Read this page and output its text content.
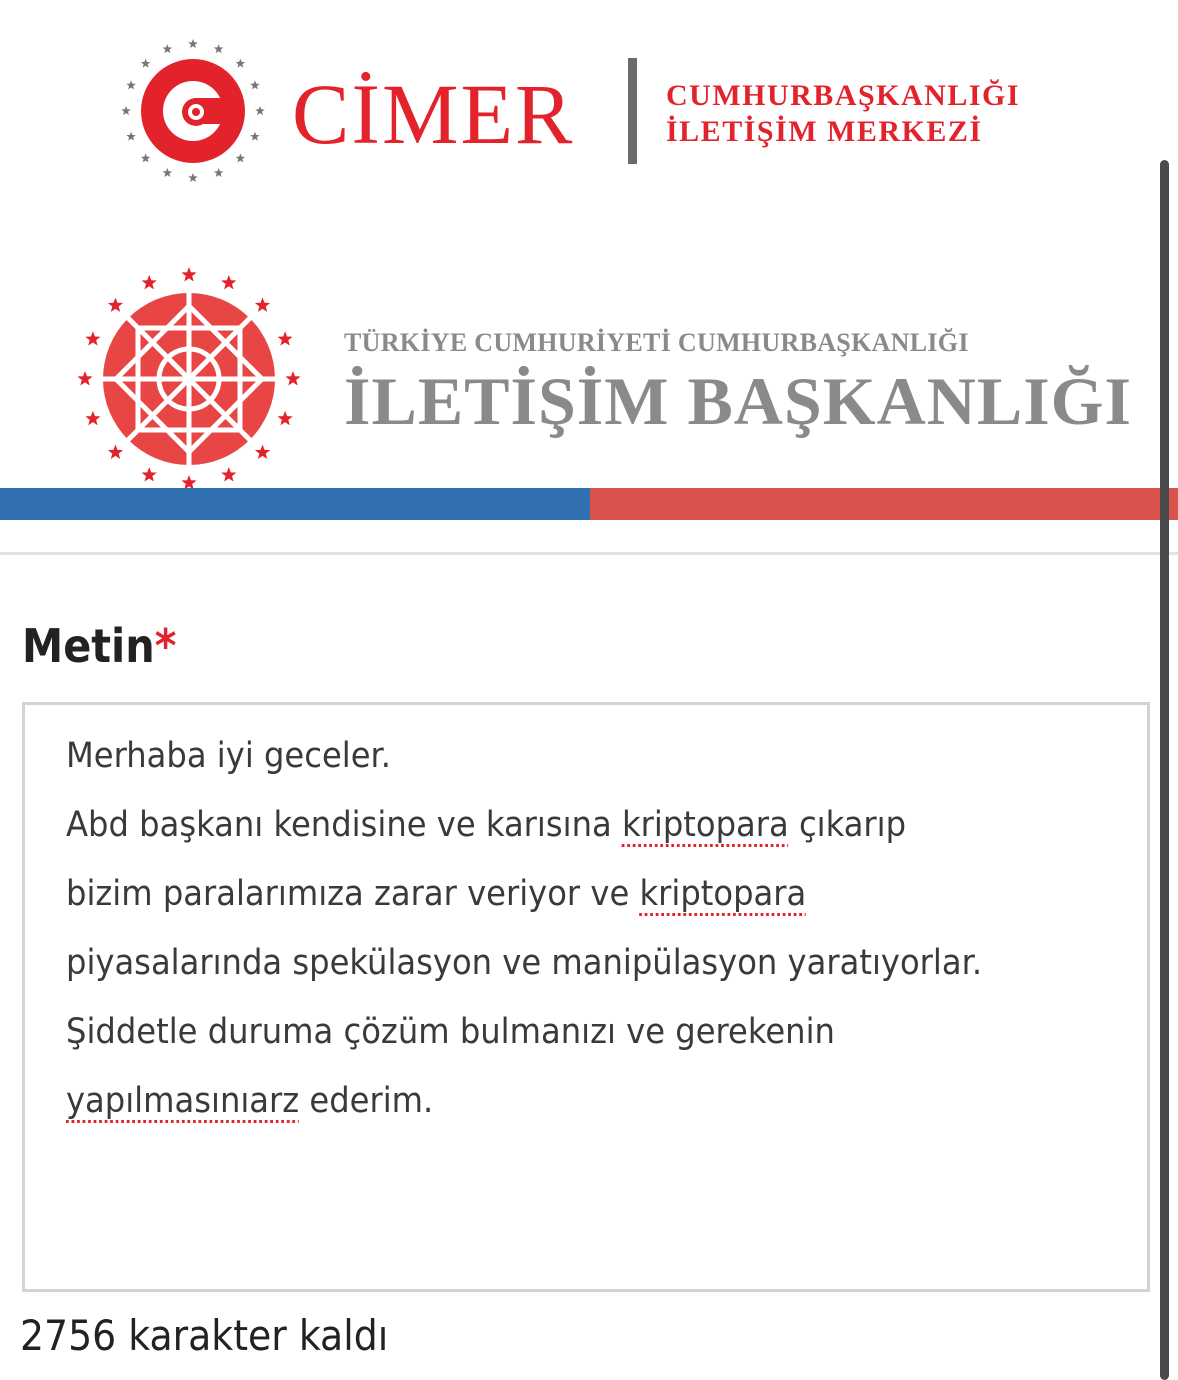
CİMER	CUMHURBAŞKANLIĞI
İLETİŞİM MERKEZİ
TÜRKİYE CUMHURİYETİ CUMHURBAŞKANLIĞI
İLETİŞİM BAŞKANLIĞI
Metin*
Merhaba iyi geceler.
Abd başkanı kendisine ve karısına kriptopara çıkarıp
bizim paralarımıza zarar veriyor ve kriptopara
piyasalarında spekülasyon ve manipülasyon yaratıyorlar.
Şiddetle duruma çözüm bulmanızı ve gerekenin
yapılmasınıarz ederim.
2756 karakter kaldı
